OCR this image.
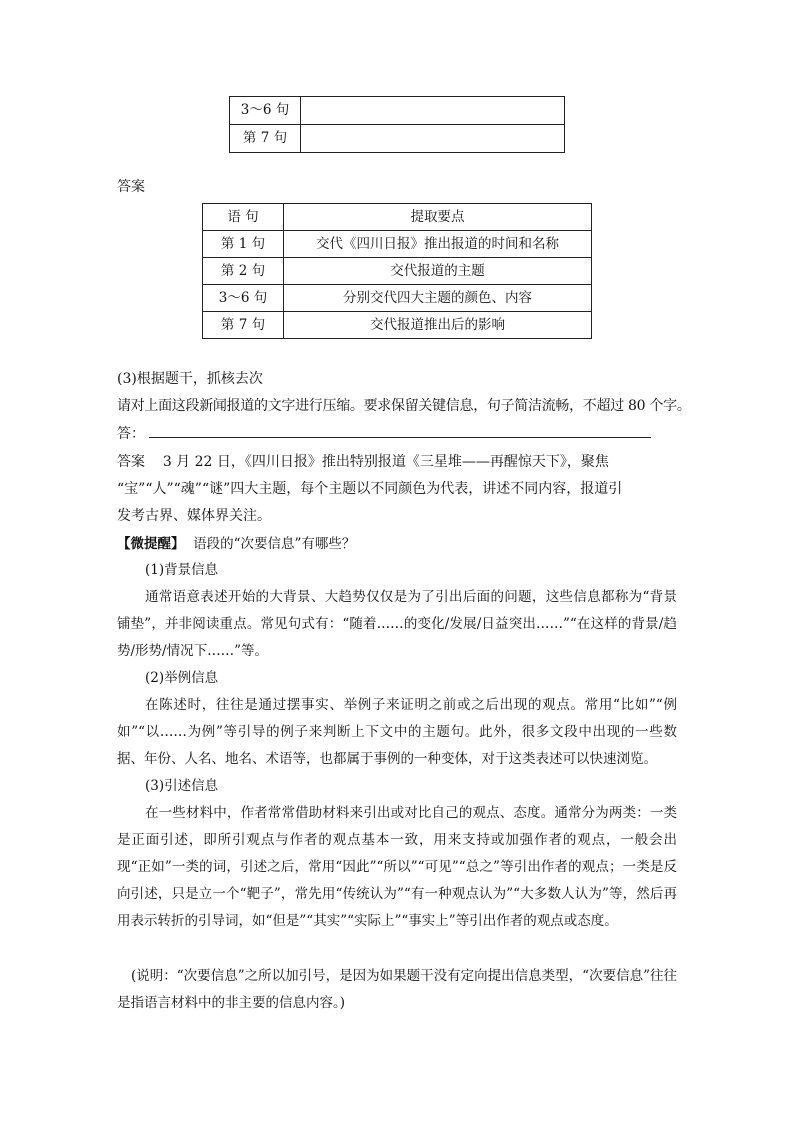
3～6 句	
第 7 句	
答案
语 句	提取要点
第 1 句	交代《四川日报》推出报道的时间和名称
第 2 句	交代报道的主题
3～6 句	分别交代四大主题的颜色、内容
第 7 句	交代报道推出后的影响
(3)根据题干，抓核去次
请对上面这段新闻报道的文字进行压缩。要求保留关键信息，句子简洁流畅，不超过 80 个字。
答：
答案 3 月 22 日，《四川日报》推出特别报道《三星堆——再醒惊天下》，聚焦
“宝”“人”“魂”“谜”四大主题，每个主题以不同颜色为代表，讲述不同内容，报道引
发考古界、媒体界关注。
【微提醒】 语段的“次要信息”有哪些？
(1)背景信息
通常语意表述开始的大背景、大趋势仅仅是为了引出后面的问题，这些信息都称为“背景铺垫”，并非阅读重点。常见句式有：“随着……的变化/发展/日益突出……”“在这样的背景/趋势/形势/情况下……”等。
(2)举例信息
在陈述时，往往是通过摆事实、举例子来证明之前或之后出现的观点。常用“比如”“例如”“以……为例”等引导的例子来判断上下文中的主题句。此外，很多文段中出现的一些数据、年份、人名、地名、术语等，也都属于事例的一种变体，对于这类表述可以快速浏览。
(3)引述信息
在一些材料中，作者常常借助材料来引出或对比自己的观点、态度。通常分为两类：一类是正面引述，即所引观点与作者的观点基本一致，用来支持或加强作者的观点，一般会出现“正如”一类的词，引述之后，常用“因此”“所以”“可见”“总之”等引出作者的观点；一类是反向引述，只是立一个“靶子”，常先用“传统认为”“有一种观点认为”“大多数人认为”等，然后再用表示转折的引导词，如“但是”“其实”“实际上”“事实上”等引出作者的观点或态度。
(说明：“次要信息”之所以加引号，是因为如果题干没有定向提出信息类型，“次要信息”往往是指语言材料中的非主要的信息内容。)
